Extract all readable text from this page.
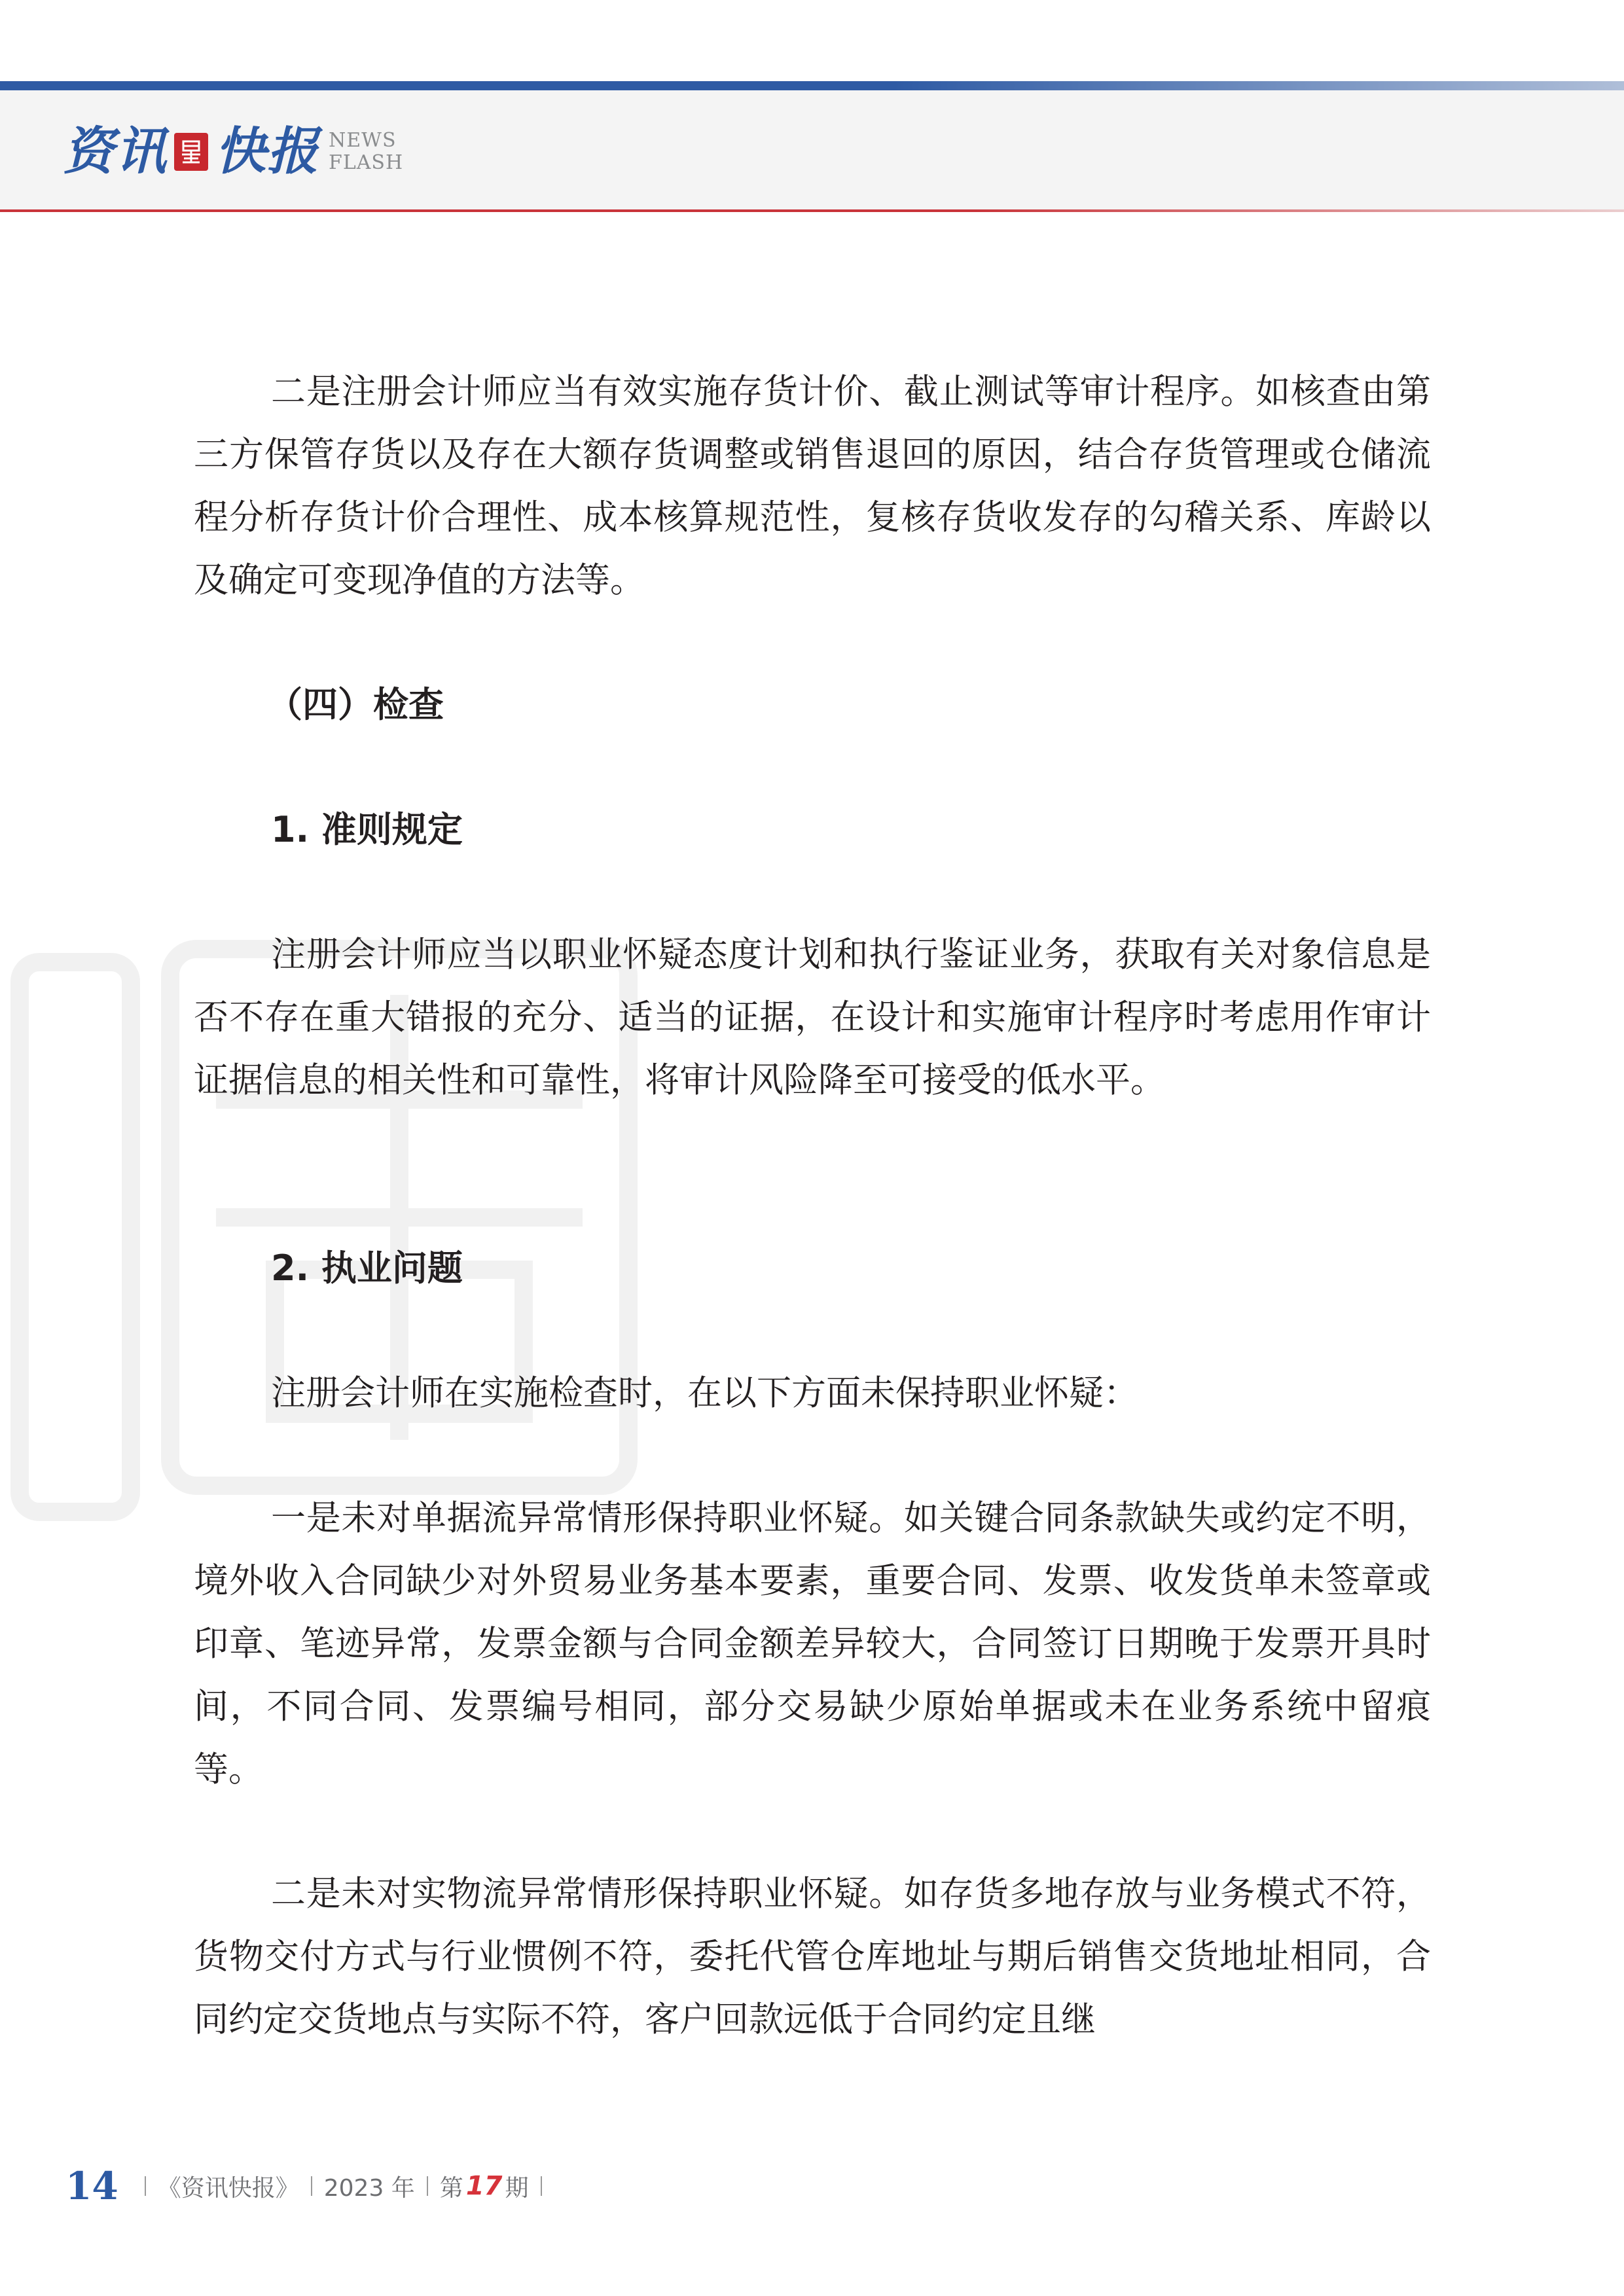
资讯 快报 NEWS
FLASH

二是注册会计师应当有效实施存货计价、截止测试等审计程序。如核查由第三方保管存货以及存在大额存货调整或销售退回的原因，结合存货管理或仓储流程分析存货计价合理性、成本核算规范性，复核存货收发存的勾稽关系、库龄以及确定可变现净值的方法等。

（四）检查
1. 准则规定

注册会计师应当以职业怀疑态度计划和执行鉴证业务，获取有关对象信息是否不存在重大错报的充分、适当的证据，在设计和实施审计程序时考虑用作审计证据信息的相关性和可靠性，将审计风险降至可接受的低水平。

2. 执业问题

注册会计师在实施检查时，在以下方面未保持职业怀疑：

一是未对单据流异常情形保持职业怀疑。如关键合同条款缺失或约定不明，境外收入合同缺少对外贸易业务基本要素，重要合同、发票、收发货单未签章或印章、笔迹异常，发票金额与合同金额差异较大，合同签订日期晚于发票开具时间，不同合同、发票编号相同，部分交易缺少原始单据或未在业务系统中留痕等。

二是未对实物流异常情形保持职业怀疑。如存货多地存放与业务模式不符，货物交付方式与行业惯例不符，委托代管仓库地址与期后销售交货地址相同，合同约定交货地点与实际不符，客户回款远低于合同约定且继

14 《资讯快报》 2023 年 第 17 期
